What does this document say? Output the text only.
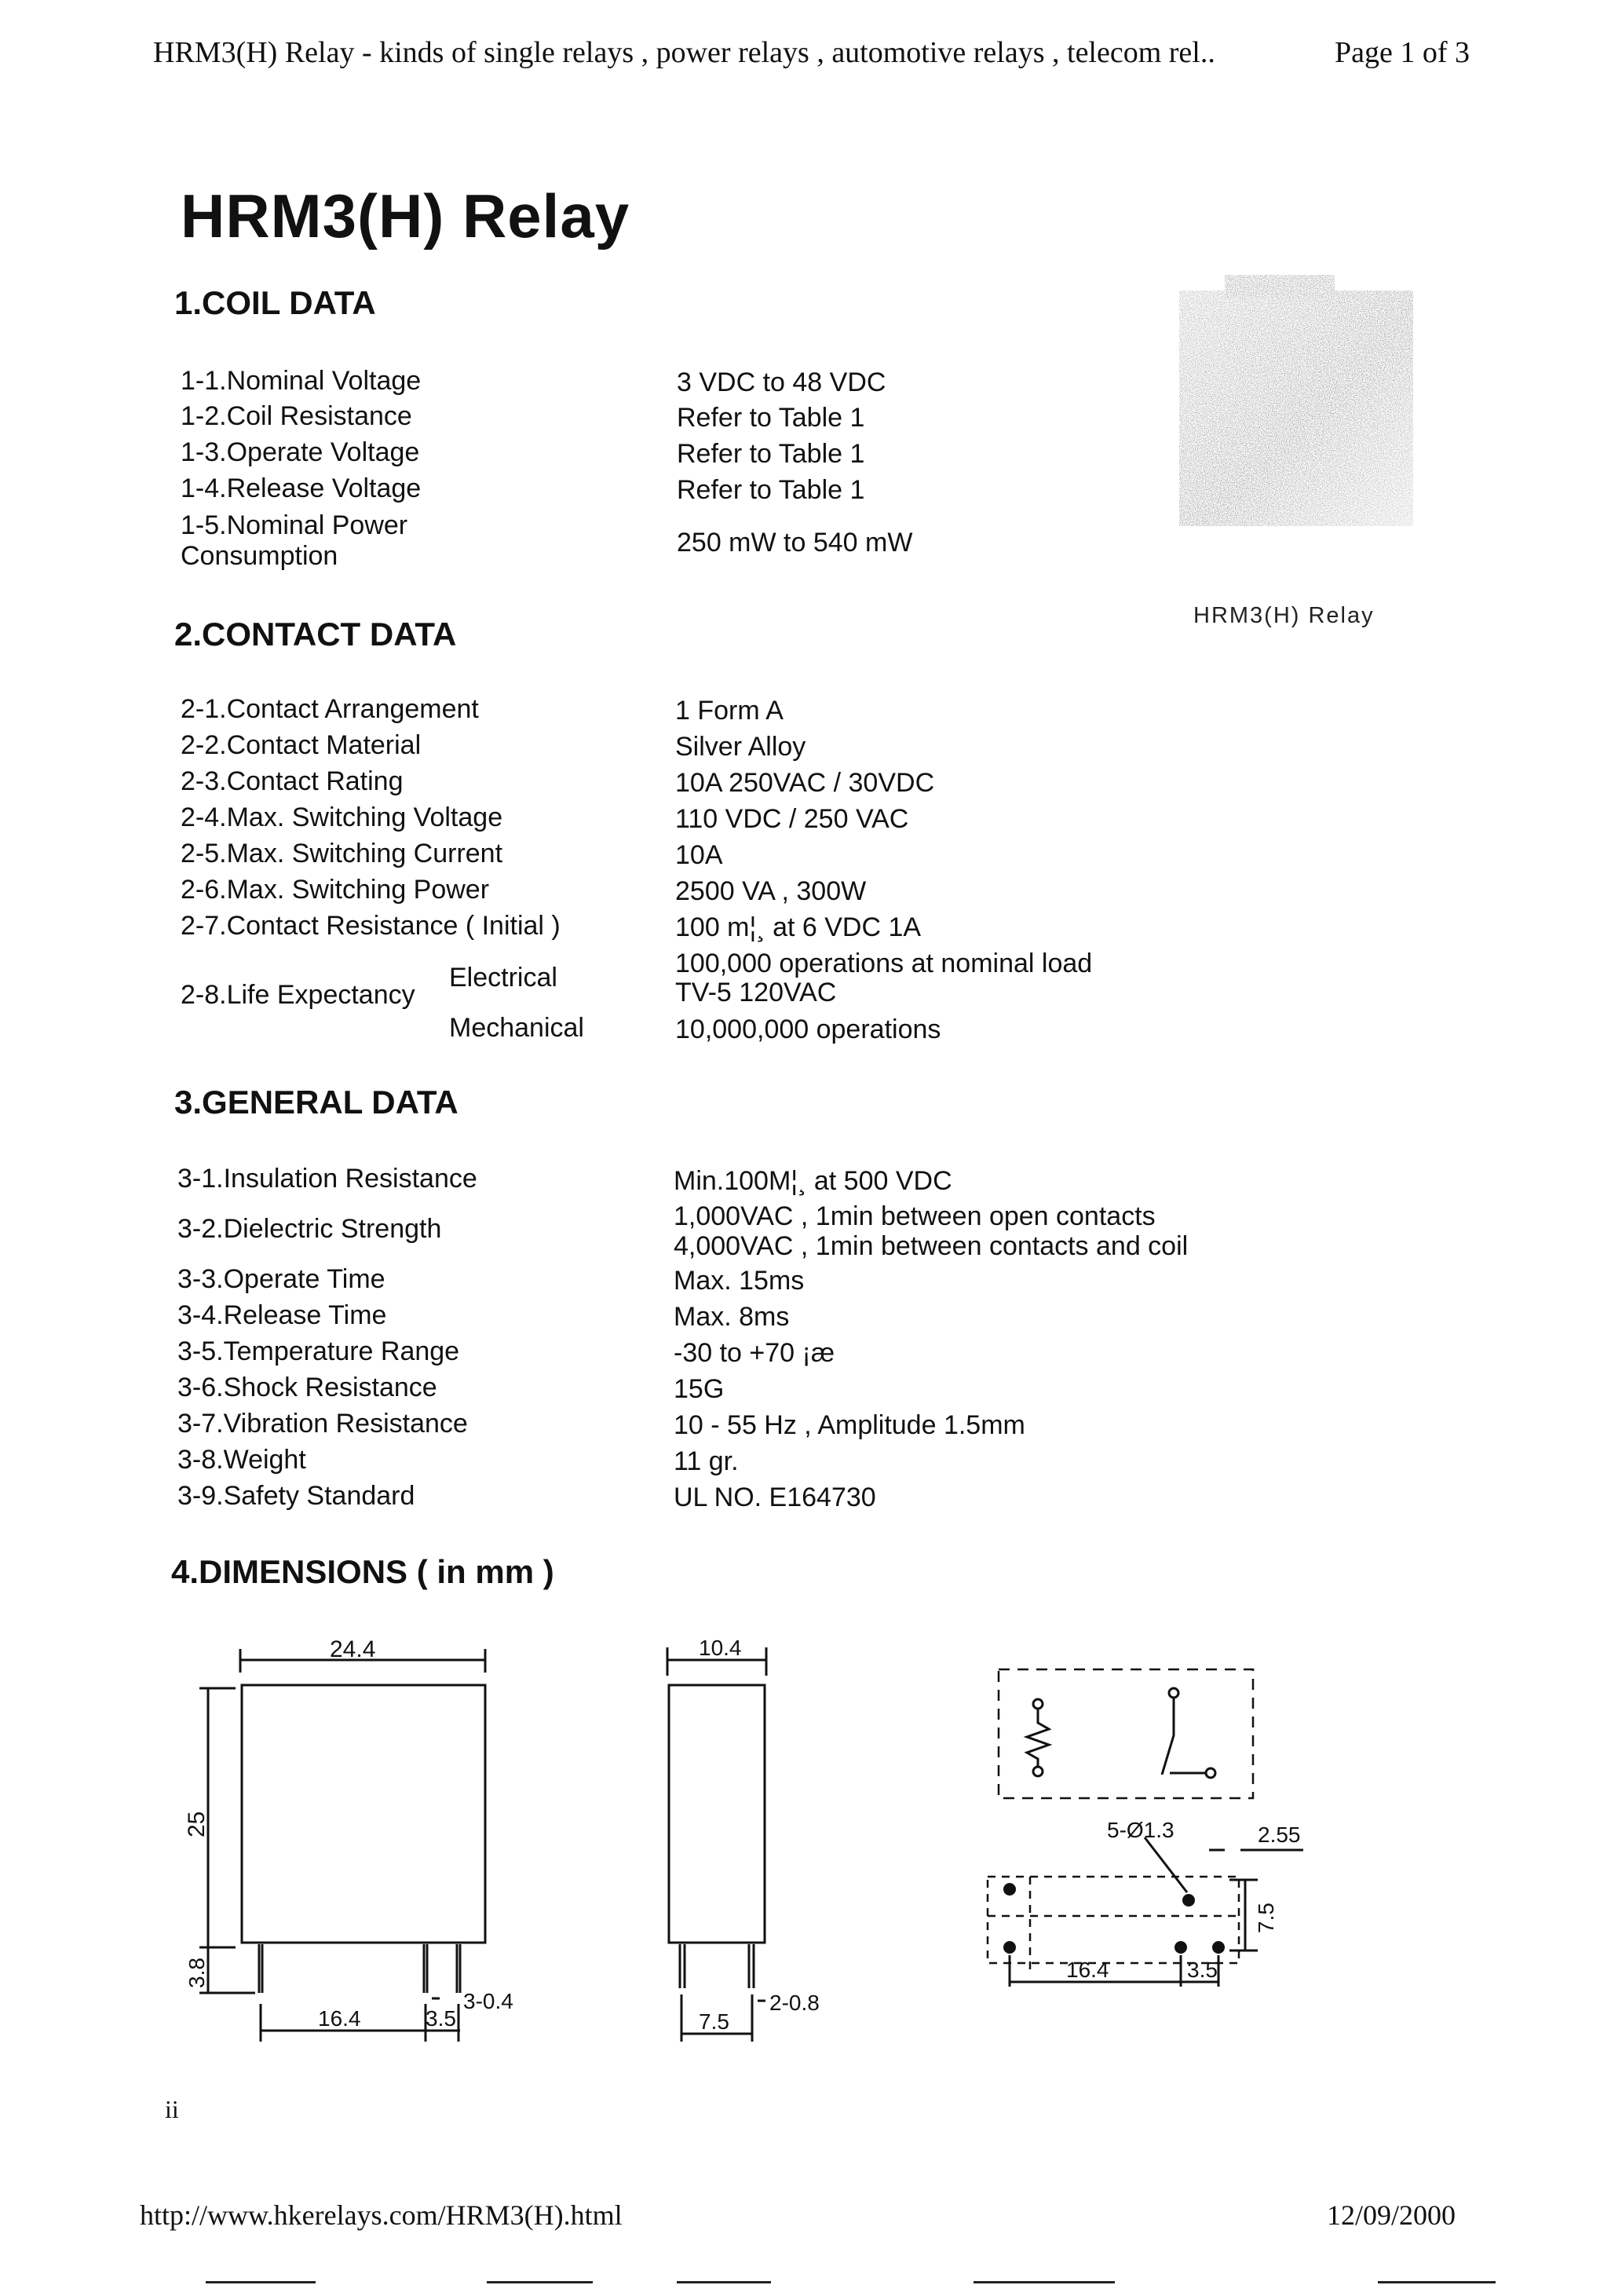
HRM3(H) Relay - kinds of single relays , power relays , automotive relays , telecom rel..	Page 1 of 3
HRM3(H) Relay
HRM3(H) Relay
1.COIL DATA
1-1.Nominal Voltage	3 VDC to 48 VDC
1-2.Coil Resistance	Refer to Table 1
1-3.Operate Voltage	Refer to Table 1
1-4.Release Voltage	Refer to Table 1
1-5.Nominal Power
Consumption	250 mW to 540 mW
2.CONTACT DATA
2-1.Contact Arrangement	1 Form A
2-2.Contact Material	Silver Alloy
2-3.Contact Rating	10A 250VAC / 30VDC
2-4.Max. Switching Voltage	110 VDC / 250 VAC
2-5.Max. Switching Current	10A
2-6.Max. Switching Power	2500 VA , 300W
2-7.Contact Resistance ( Initial )	100 m¦¸ at 6 VDC 1A
2-8.Life Expectancy
Electrical	100,000 operations at nominal load
TV-5 120VAC
Mechanical	10,000,000 operations
3.GENERAL DATA
3-1.Insulation Resistance	Min.100M¦¸ at 500 VDC
3-2.Dielectric Strength	1,000VAC , 1min between open contacts
4,000VAC , 1min between contacts and coil
3-3.Operate Time	Max. 15ms
3-4.Release Time	Max. 8ms
3-5.Temperature Range	-30 to +70 ¡æ
3-6.Shock Resistance	15G
3-7.Vibration Resistance	10 - 55 Hz , Amplitude 1.5mm
3-8.Weight	11 gr.
3-9.Safety Standard	UL NO. E164730
4.DIMENSIONS ( in mm )
24.4
25
3.8
16.4	3.5
3-0.4
10.4
7.5
2-0.8
5-Ø1.3	2.55
7.5
16.4	3.5
ii
http://www.hkerelays.com/HRM3(H).html	12/09/2000
